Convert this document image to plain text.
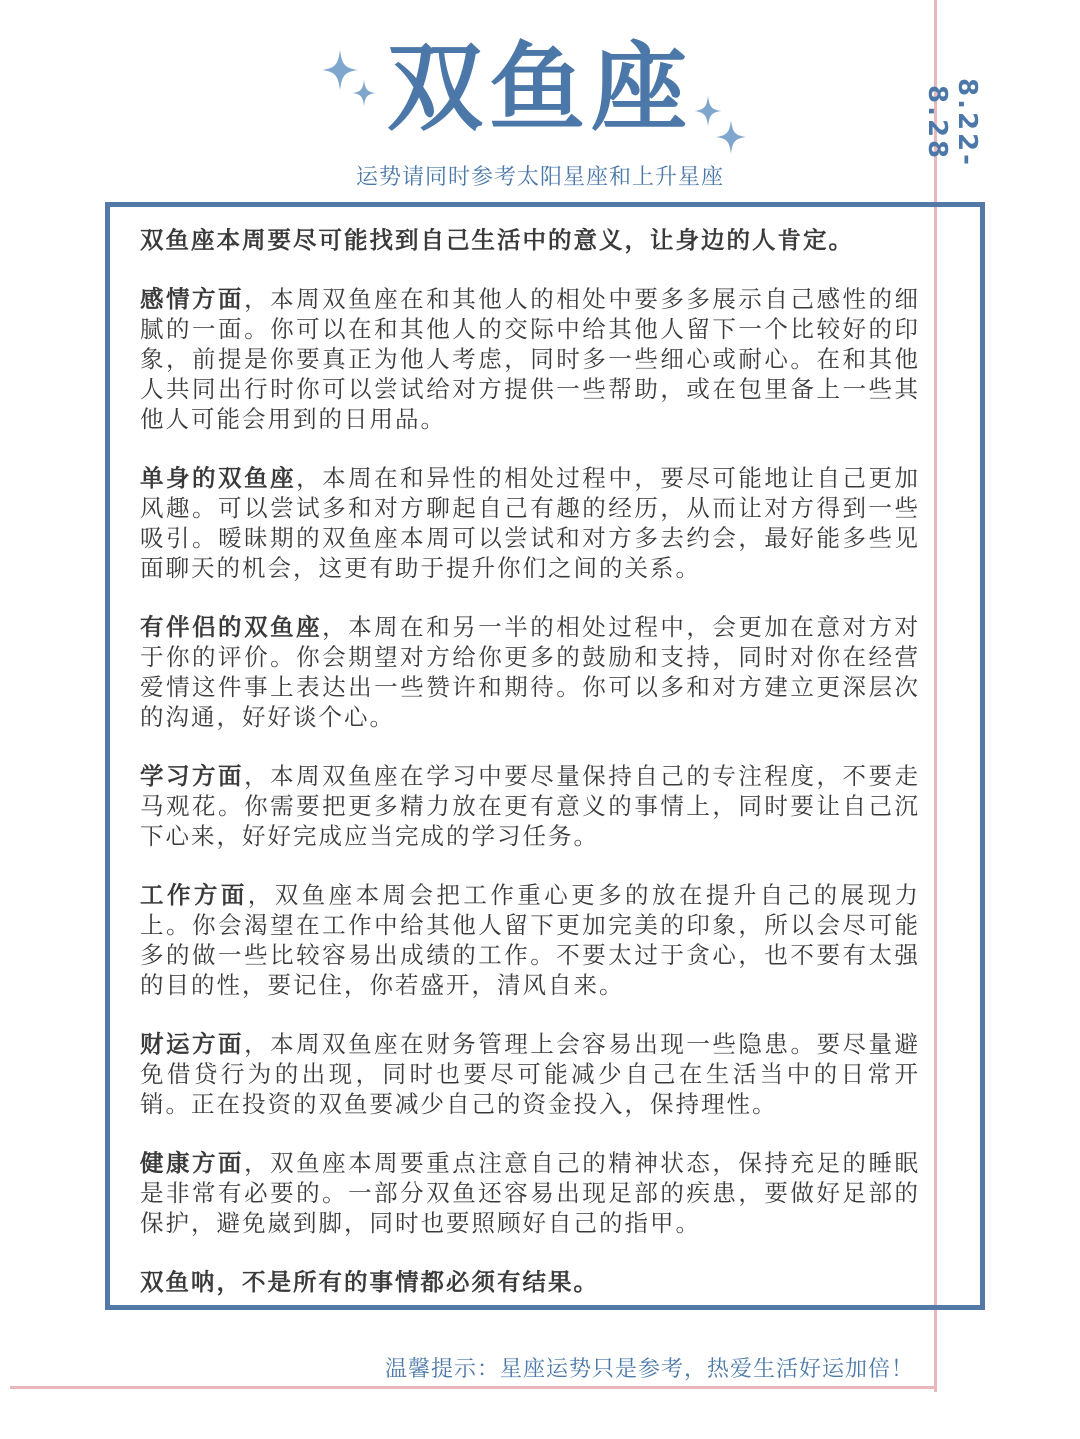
双鱼座
运势请同时参考太阳星座和上升星座
8.22-8.28

双鱼座本周要尽可能找到自己生活中的意义，让身边的人肯定。

感情方面，本周双鱼座在和其他人的相处中要多多展示自己感性的细腻的一面。你可以在和其他人的交际中给其他人留下一个比较好的印象，前提是你要真正为他人考虑，同时多一些细心或耐心。在和其他人共同出行时你可以尝试给对方提供一些帮助，或在包里备上一些其他人可能会用到的日用品。

单身的双鱼座，本周在和异性的相处过程中，要尽可能地让自己更加风趣。可以尝试多和对方聊起自己有趣的经历，从而让对方得到一些吸引。暧昧期的双鱼座本周可以尝试和对方多去约会，最好能多些见面聊天的机会，这更有助于提升你们之间的关系。

有伴侣的双鱼座，本周在和另一半的相处过程中，会更加在意对方对于你的评价。你会期望对方给你更多的鼓励和支持，同时对你在经营爱情这件事上表达出一些赞许和期待。你可以多和对方建立更深层次的沟通，好好谈个心。

学习方面，本周双鱼座在学习中要尽量保持自己的专注程度，不要走马观花。你需要把更多精力放在更有意义的事情上，同时要让自己沉下心来，好好完成应当完成的学习任务。

工作方面，双鱼座本周会把工作重心更多的放在提升自己的展现力上。你会渴望在工作中给其他人留下更加完美的印象，所以会尽可能多的做一些比较容易出成绩的工作。不要太过于贪心，也不要有太强的目的性，要记住，你若盛开，清风自来。

财运方面，本周双鱼座在财务管理上会容易出现一些隐患。要尽量避免借贷行为的出现，同时也要尽可能减少自己在生活当中的日常开销。正在投资的双鱼要减少自己的资金投入，保持理性。

健康方面，双鱼座本周要重点注意自己的精神状态，保持充足的睡眠是非常有必要的。一部分双鱼还容易出现足部的疾患，要做好足部的保护，避免崴到脚，同时也要照顾好自己的指甲。

双鱼呐，不是所有的事情都必须有结果。

温馨提示：星座运势只是参考，热爱生活好运加倍！
